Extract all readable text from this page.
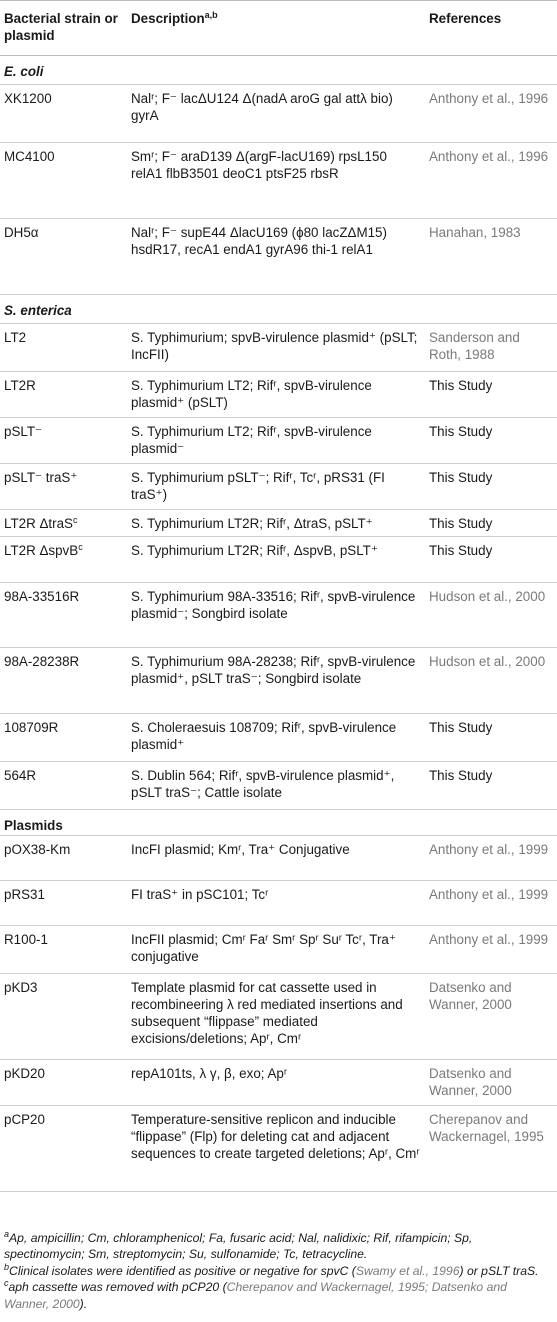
Bacterial strain or plasmid	Description$^{a,b}$	References
E. coli		
XK1200	Nalʳ; F⁻ lacΔU124 Δ(nadA aroG gal attλ bio) gyrA	Anthony et al., 1996
MC4100	Smʳ; F⁻ araD139 Δ(argF-lacU169) rpsL150 relA1 flbB3501 deoC1 ptsF25 rbsR	Anthony et al., 1996
DH5α	Nalʳ; F⁻ supE44 ΔlacU169 (ϕ80 lacZΔM15) hsdR17, recA1 endA1 gyrA96 thi-1 relA1	Hanahan, 1983
S. enterica		
LT2	S. Typhimurium; spvB-virulence plasmid⁺ (pSLT; IncFII)	Sanderson and Roth, 1988
LT2R	S. Typhimurium LT2; Rifʳ, spvB-virulence plasmid⁺ (pSLT)	This Study
pSLT⁻	S. Typhimurium LT2; Rifʳ, spvB-virulence plasmid⁻	This Study
pSLT⁻ traS⁺	S. Typhimurium pSLT⁻; Rifʳ, Tcʳ, pRS31 (FI traS⁺)	This Study
LT2R ΔtraS$^c$	S. Typhimurium LT2R; Rifʳ, ΔtraS, pSLT⁺	This Study
LT2R ΔspvB$^c$	S. Typhimurium LT2R; Rifʳ, ΔspvB, pSLT⁺	This Study
98A-33516R	S. Typhimurium 98A-33516; Rifʳ, spvB-virulence plasmid⁻; Songbird isolate	Hudson et al., 2000
98A-28238R	S. Typhimurium 98A-28238; Rifʳ, spvB-virulence plasmid⁺, pSLT traS⁻; Songbird isolate	Hudson et al., 2000
108709R	S. Choleraesuis 108709; Rifʳ, spvB-virulence plasmid⁺	This Study
564R	S. Dublin 564; Rifʳ, spvB-virulence plasmid⁺, pSLT traS⁻; Cattle isolate	This Study
Plasmids		
pOX38-Km	IncFI plasmid; Kmʳ, Tra⁺ Conjugative	Anthony et al., 1999
pRS31	FI traS⁺ in pSC101; Tcʳ	Anthony et al., 1999
R100-1	IncFII plasmid; Cmʳ Faʳ Smʳ Spʳ Suʳ Tcʳ, Tra⁺ conjugative	Anthony et al., 1999
pKD3	Template plasmid for cat cassette used in recombineering λ red mediated insertions and subsequent “flippase” mediated excisions/deletions; Apʳ, Cmʳ	Datsenko and Wanner, 2000
pKD20	repA101ts, λ γ, β, exo; Apʳ	Datsenko and Wanner, 2000
pCP20	Temperature-sensitive replicon and inducible “flippase” (Flp) for deleting cat and adjacent sequences to create targeted deletions; Apʳ, Cmʳ	Cherepanov and Wackernagel, 1995

$^a$Ap, ampicillin; Cm, chloramphenicol; Fa, fusaric acid; Nal, nalidixic; Rif, rifampicin; Sp, spectinomycin; Sm, streptomycin; Su, sulfonamide; Tc, tetracycline.

$^b$Clinical isolates were identified as positive or negative for spvC (Swamy et al., 1996) or pSLT traS.

$^c$aph cassette was removed with pCP20 (Cherepanov and Wackernagel, 1995; Datsenko and Wanner, 2000).
